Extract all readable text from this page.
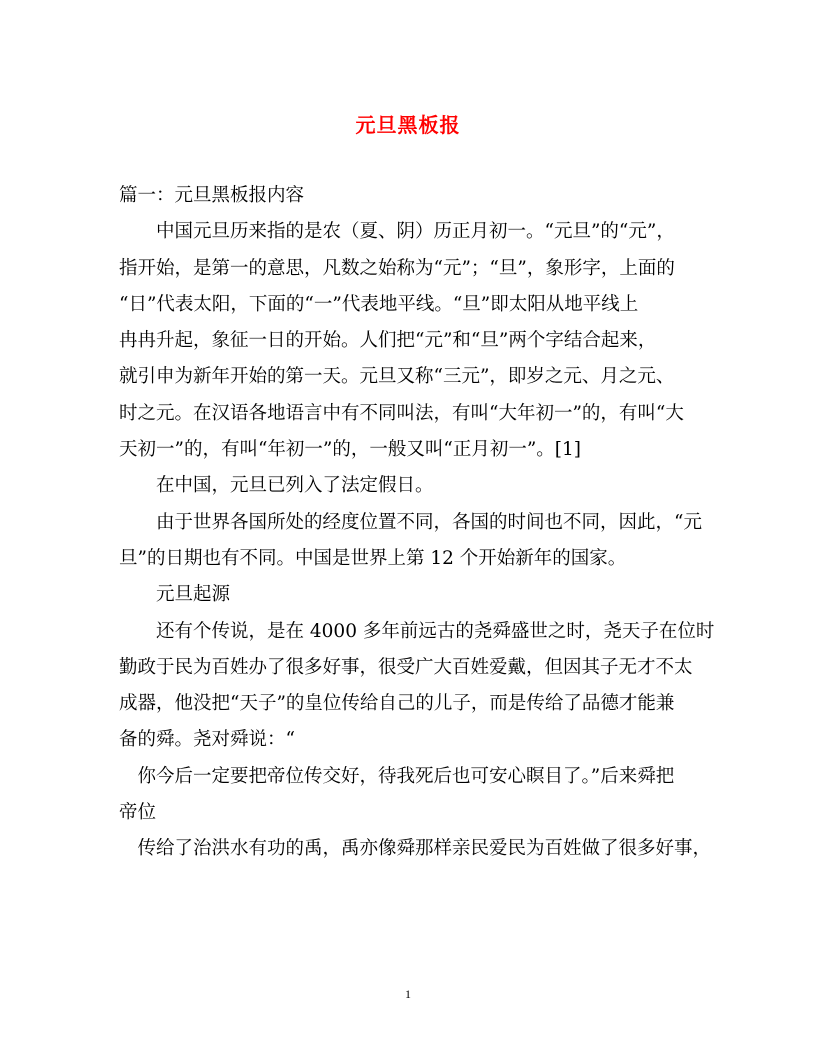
元旦黑板报
篇一：元旦黑板报内容
　　中国元旦历来指的是农（夏、阴）历正月初一。“元旦”的“元”，
指开始，是第一的意思，凡数之始称为“元”；“旦”，象形字，上面的
“日”代表太阳，下面的“一”代表地平线。“旦”即太阳从地平线上
冉冉升起，象征一日的开始。人们把“元”和“旦”两个字结合起来，
就引申为新年开始的第一天。元旦又称“三元”，即岁之元、月之元、
时之元。在汉语各地语言中有不同叫法，有叫“大年初一”的，有叫“大
天初一”的，有叫“年初一”的，一般又叫“正月初一”。[1]
　　在中国，元旦已列入了法定假日。
　　由于世界各国所处的经度位置不同，各国的时间也不同，因此，“元
旦”的日期也有不同。中国是世界上第 12 个开始新年的国家。
　　元旦起源
　　还有个传说，是在 4000 多年前远古的尧舜盛世之时，尧天子在位时
勤政于民为百姓办了很多好事，很受广大百姓爱戴，但因其子无才不太
成器，他没把“天子”的皇位传给自己的儿子，而是传给了品德才能兼
备的舜。尧对舜说：“
　你今后一定要把帝位传交好，待我死后也可安心瞑目了。”后来舜把
帝位
　传给了治洪水有功的禹，禹亦像舜那样亲民爱民为百姓做了很多好事，
1
